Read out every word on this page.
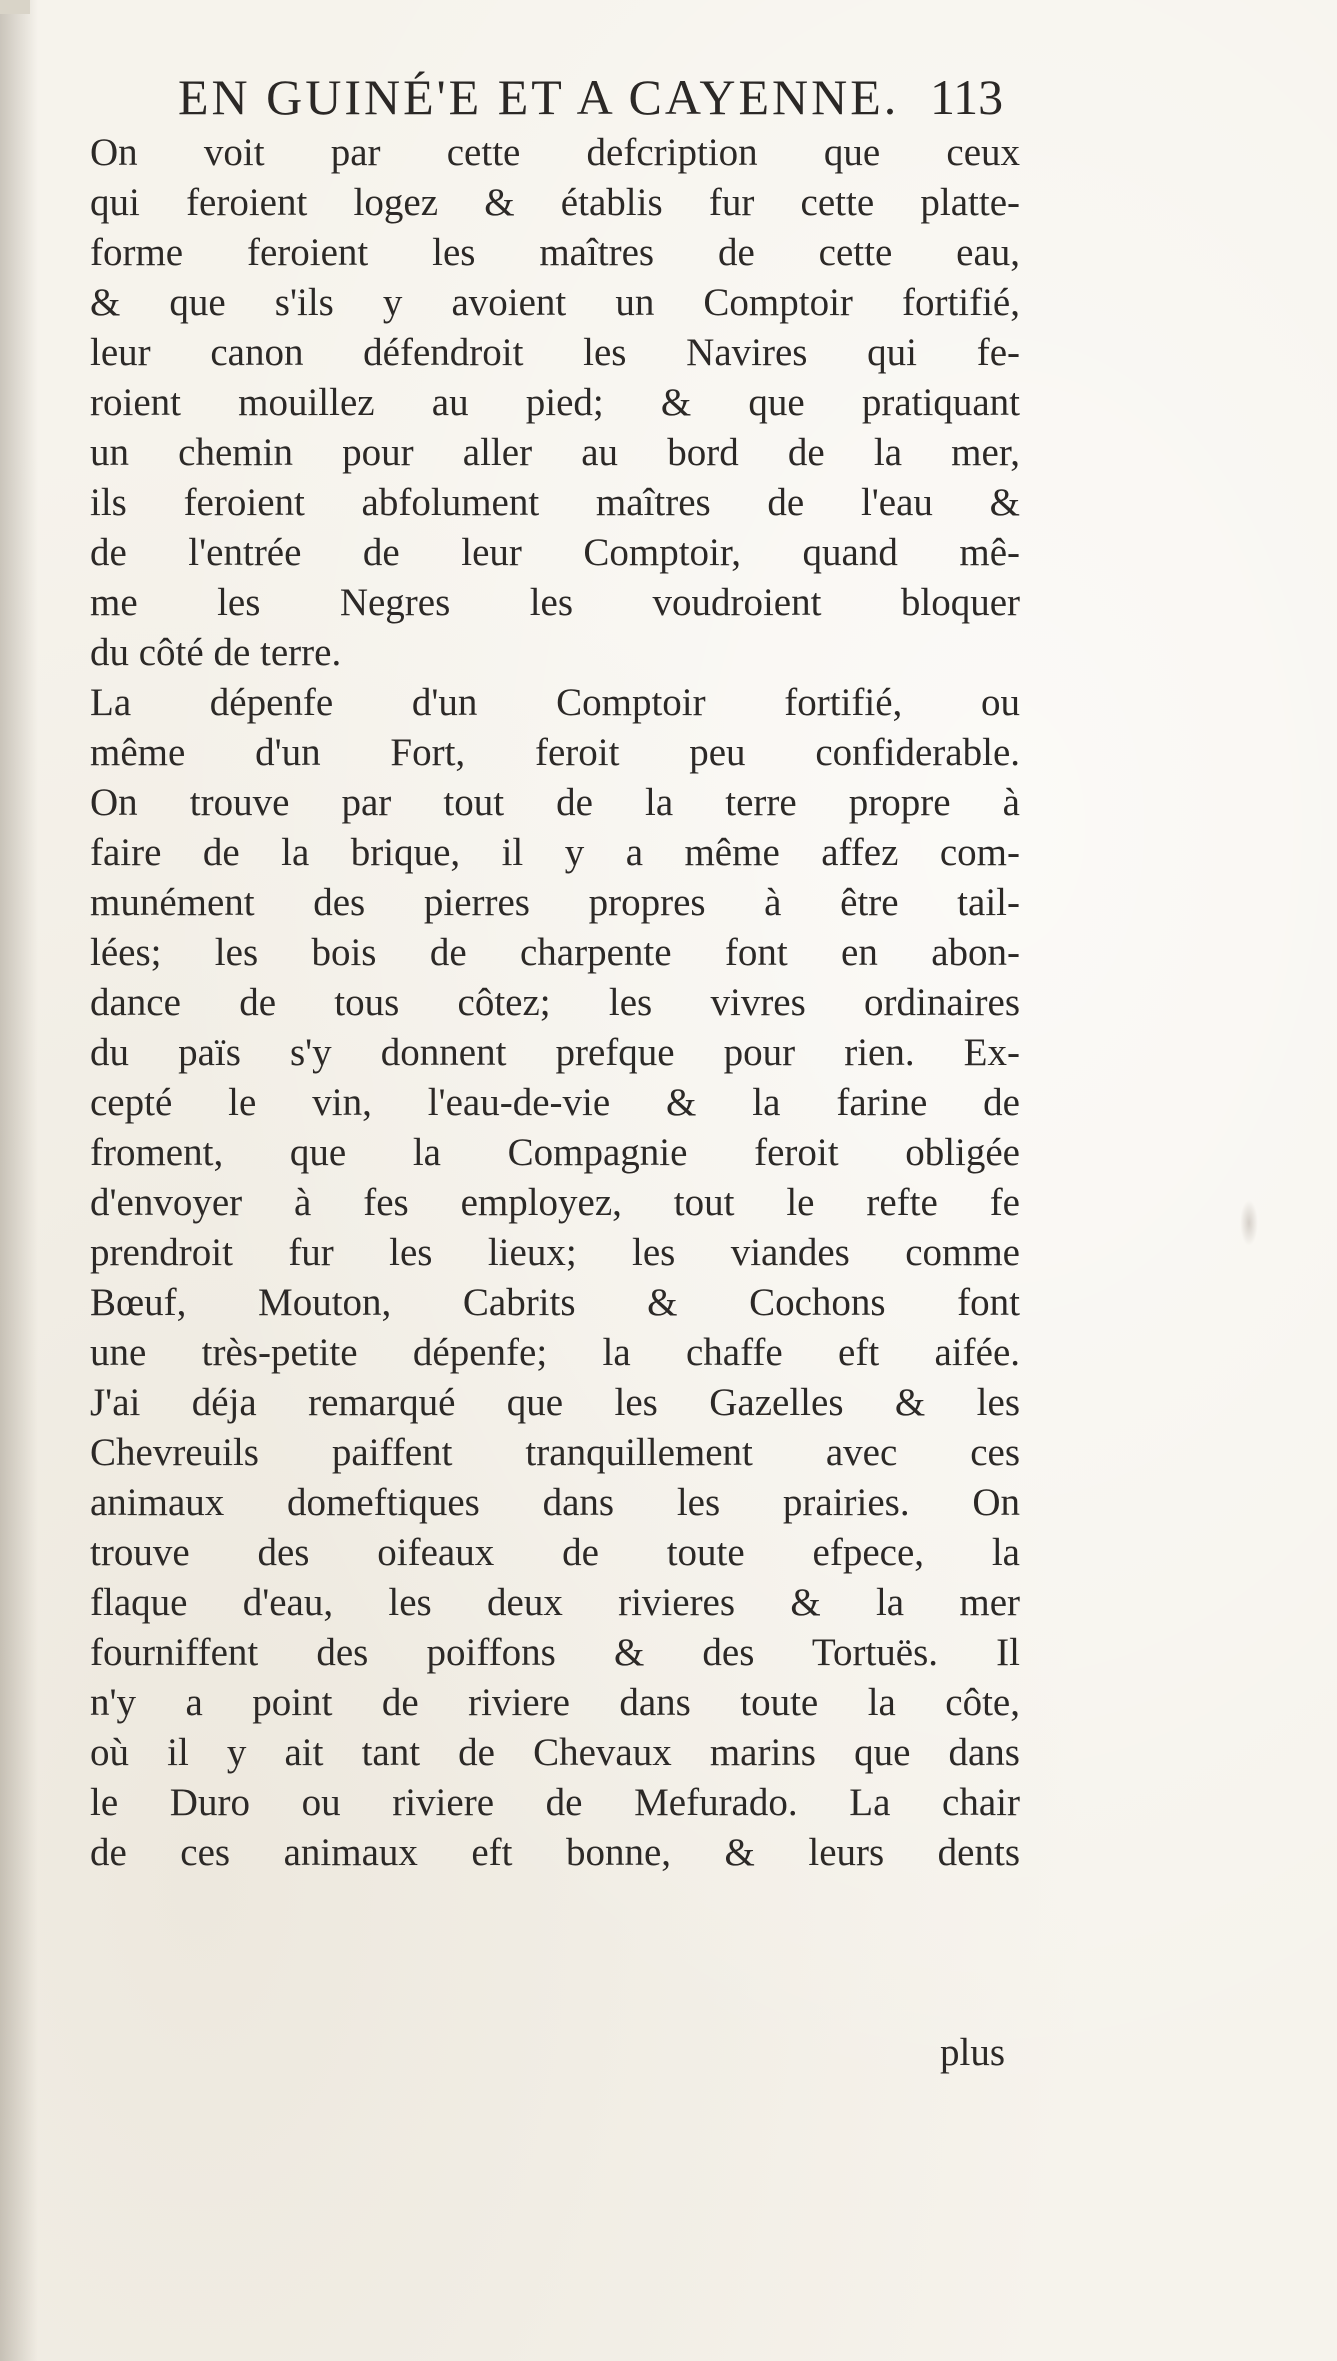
EN GUINÉ'E ET A CAYENNE. 113
On voit par cette defcription que ceux
qui feroient logez & établis fur cette platte-
forme feroient les maîtres de cette eau,
& que s'ils y avoient un Comptoir fortifié,
leur canon défendroit les Navires qui fe-
roient mouillez au pied; & que pratiquant
un chemin pour aller au bord de la mer,
ils feroient abfolument maîtres de l'eau &
de l'entrée de leur Comptoir, quand mê-
me les Negres les voudroient bloquer
du côté de terre.
La dépenfe d'un Comptoir fortifié, ou
même d'un Fort, feroit peu confiderable.
On trouve par tout de la terre propre à
faire de la brique, il y a même affez com-
munément des pierres propres à être tail-
lées; les bois de charpente font en abon-
dance de tous côtez; les vivres ordinaires
du païs s'y donnent prefque pour rien. Ex-
cepté le vin, l'eau-de-vie & la farine de
froment, que la Compagnie feroit obligée
d'envoyer à fes employez, tout le refte fe
prendroit fur les lieux; les viandes comme
Bœuf, Mouton, Cabrits & Cochons font
une très-petite dépenfe; la chaffe eft aifée.
J'ai déja remarqué que les Gazelles & les
Chevreuils paiffent tranquillement avec ces
animaux domeftiques dans les prairies. On
trouve des oifeaux de toute efpece, la
flaque d'eau, les deux rivieres & la mer
fourniffent des poiffons & des Tortuës. Il
n'y a point de riviere dans toute la côte,
où il y ait tant de Chevaux marins que dans
le Duro ou riviere de Mefurado. La chair
de ces animaux eft bonne, & leurs dents
plus
